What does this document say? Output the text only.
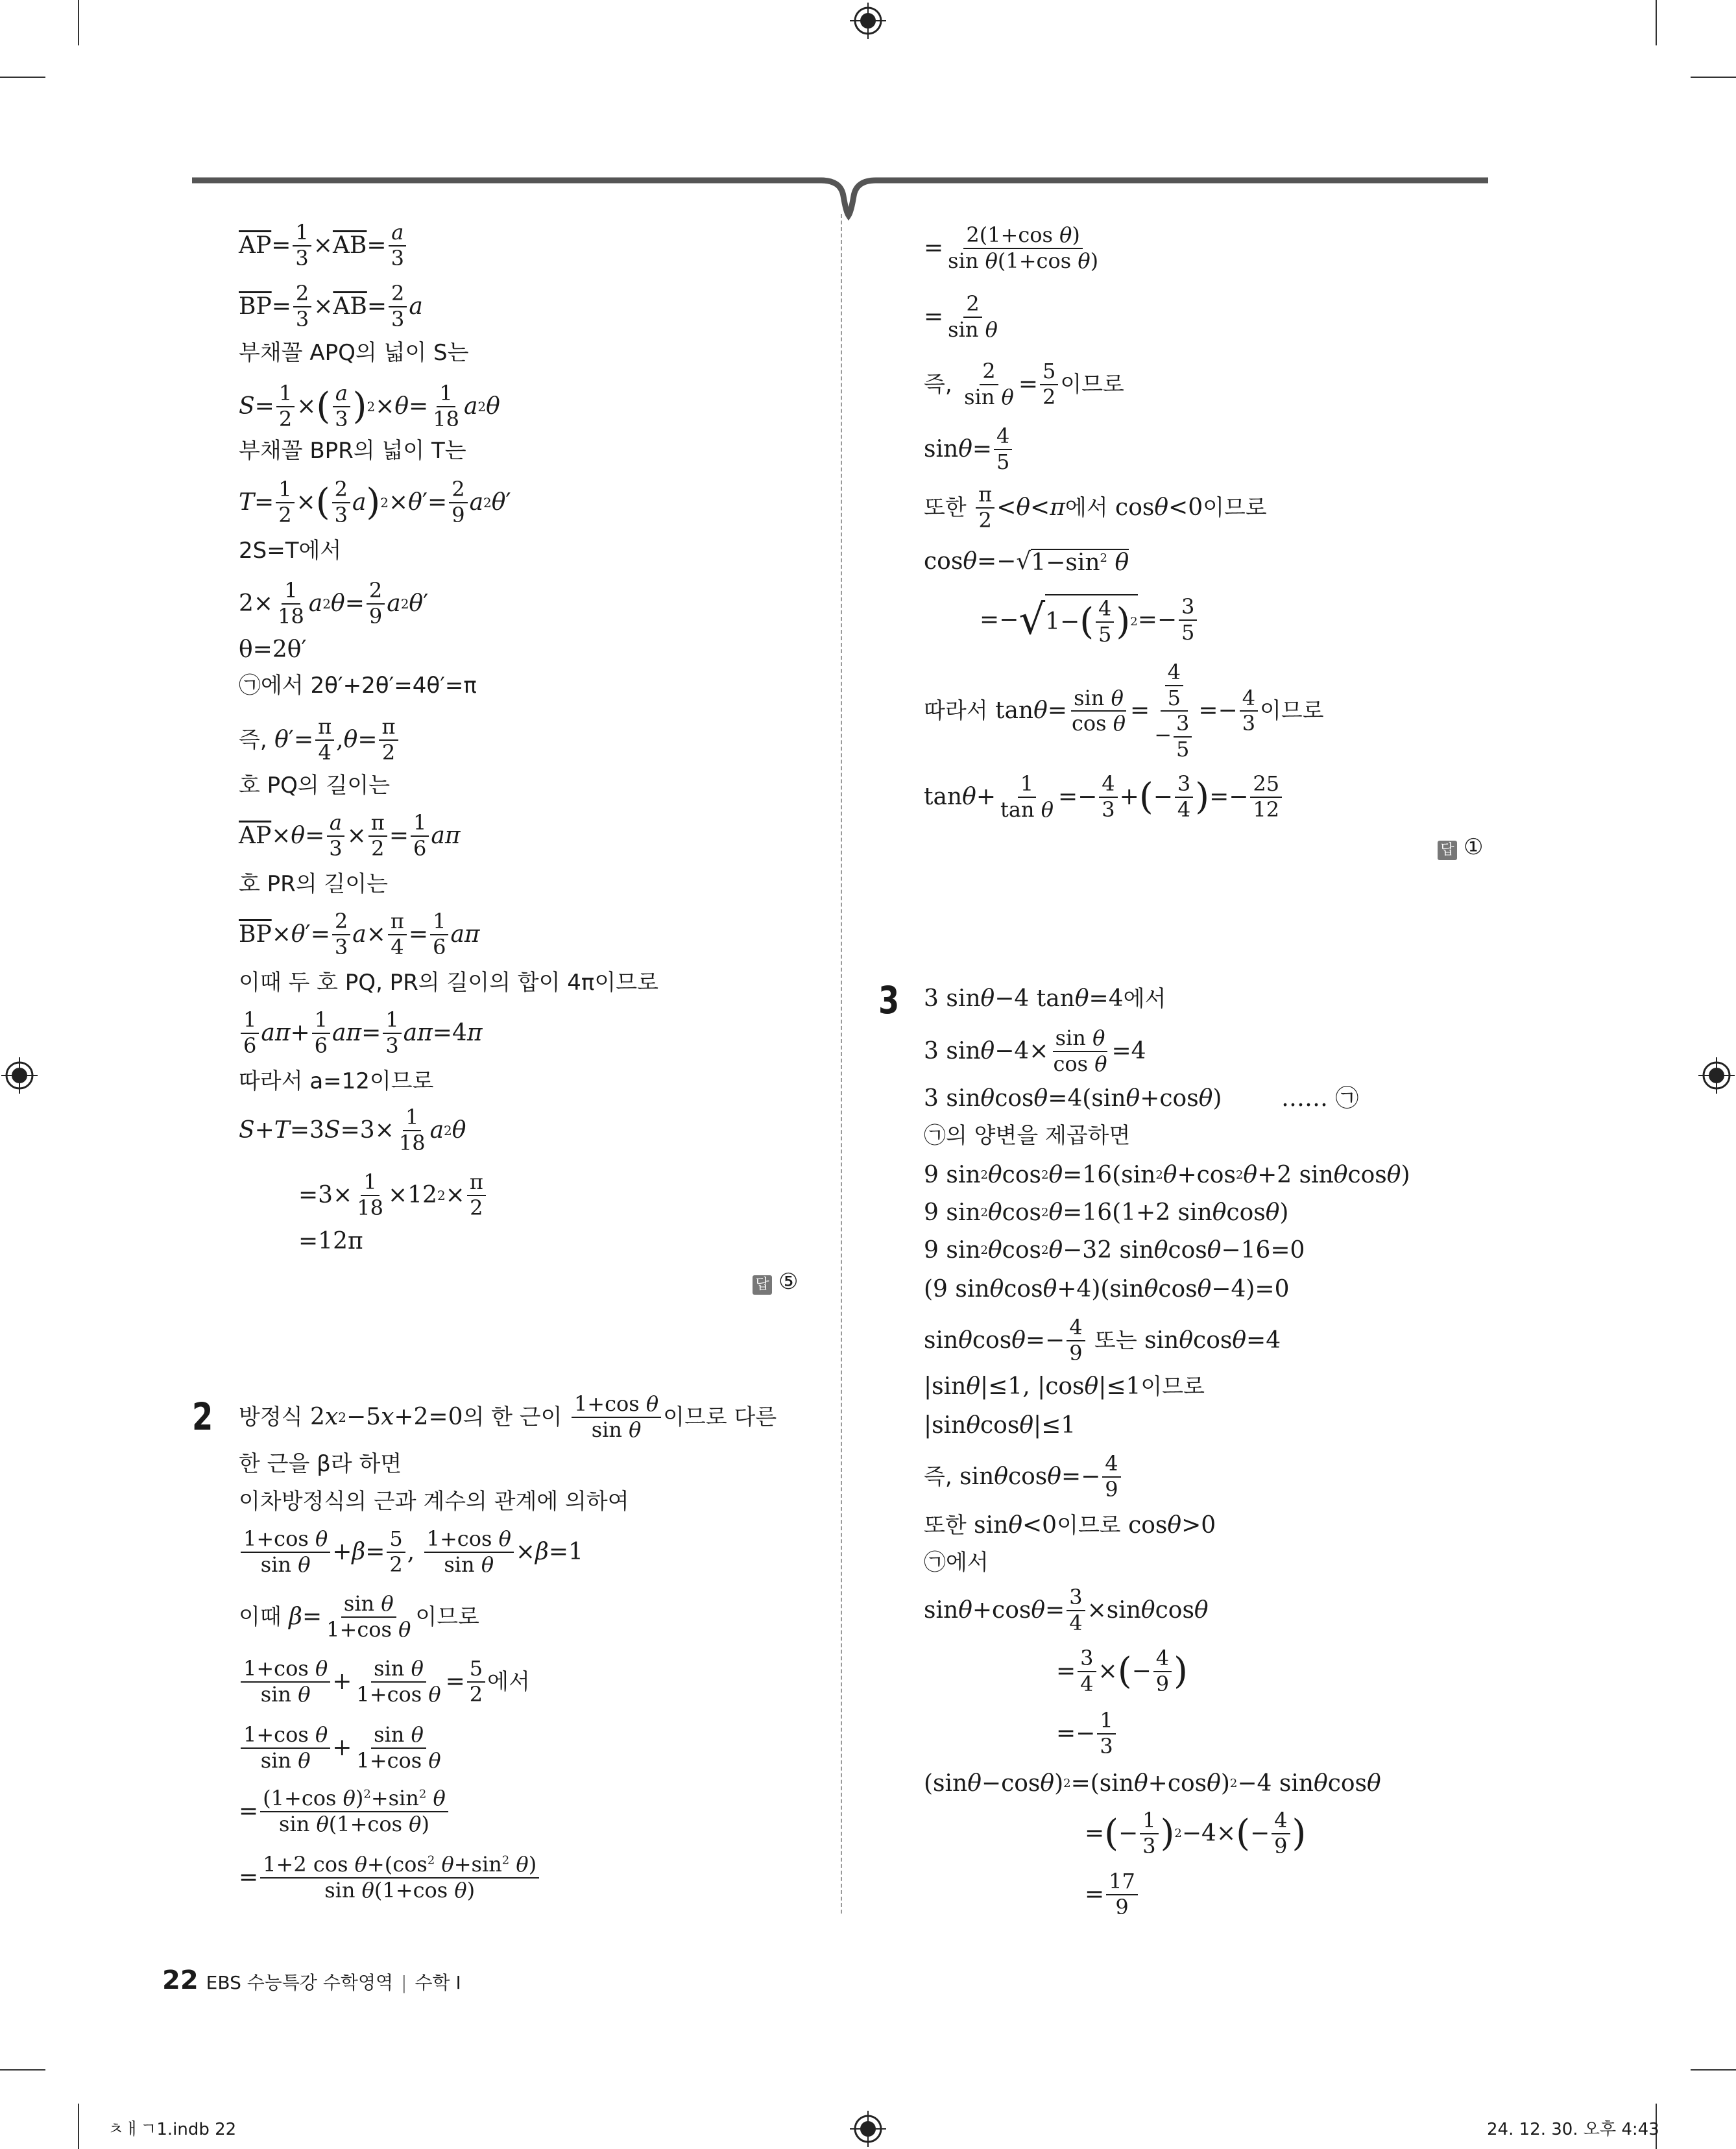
$\overline{AP} = \frac{1}{3} \times \overline{AB} = \frac{a}{3}$
$\overline{BP} = \frac{2}{3} \times \overline{AB} = \frac{2}{3}$ a
부채꼴 APQ의 넓이 S는
$S = \frac{1}{2}$ × ( $\frac{a}{3}$ ) $2 \times \theta = \frac{1}{18}$ a 2 θ
부채꼴 BPR의 넓이 T는
$T = \frac{1}{2}$ × ( $\frac{2}{3}$ a ) 2 × θ ′= $\frac{2}{9}$ a 2 θ ′
2S=T에서
$2\times \frac{1}{18}$ a 2 $\theta = \frac{2}{9}$ a 2 θ ′
θ=2θ′
㉠에서 2θ′+2θ′=4θ′=π
즉,
θ ′= $\frac{\pi}{4}$ , $\theta = \frac{\pi}{2}$
호 PQ의 길이는
$\overline{AP} \times \theta = \frac{a}{3} \times \frac{\pi}{2} = \frac{1}{6}$ aπ
호 PR의 길이는
$\overline{BP} \times \theta$ ′= $\frac{2}{3}$ $a \times \frac{\pi}{4} = \frac{1}{6}$ aπ
이때 두 호 PQ, PR의 길이의 합이 4π이므로
$\frac{1}{6}$ $a\pi + \frac{1}{6}$ $a\pi = \frac{1}{3}$ aπ =4 π
따라서 a=12이므로
S + T =3 $S =3\times \frac{1}{18}$ a 2 θ
$=3\times \frac{1}{18} \times 12$ $2 \times \frac{\pi}{2}$
=12π
답 ⑤
2 방정식 2 x 2 −5 x +2=0 의 한 근이
$\frac{\text{1+cos θ}}{\text{sin θ}}$ 이므로 다른
한 근을 β라 하면
이차방정식의 근과 계수의 관계에 의하여
$\frac{\text{1+cos θ}}{\text{sin θ}} + \beta = \frac{5}{2}$ , $\frac{\text{1+cos θ}}{\text{sin θ}} \times \beta =1$
이때
$\beta = \frac{\text{sin θ}}{\text{1+cos θ}}$ 이므로
$\frac{\text{1+cos θ}}{\text{sin θ}} + \frac{\text{sin θ}}{\text{1+cos θ}} = \frac{5}{2}$ 에서
$\frac{\text{1+cos θ}}{\text{sin θ}} + \frac{\text{sin θ}}{\text{1+cos θ}}$
= $\frac{(1+\cos \theta)^2+\sin^2 \theta}{\text{sin θ(1+cos θ)}}$
= $\frac{1+2 \cos \theta+(\cos^2 \theta+\sin^2 \theta)}{\text{sin θ(1+cos θ)}}$
= $\frac{\text{2(1+cos θ)}}{\text{sin θ(1+cos θ)}}$
= $\frac{2}{\text{sin θ}}$
즉,
$\frac{2}{\text{sin θ}} = \frac{5}{2}$ 이므로
$\sin \theta = \frac{4}{5}$
또한
$\frac{\pi}{2} < \theta < \pi$ 에서 cos θ <0 이므로
cos θ =−√ $1-\sin^2$ θ
=− √ 1− ( $\frac{4}{5}$ ) $2 =- \frac{3}{5}$
따라서 $\tan \theta = \frac{\text{sin θ}}{\text{cos θ}} = \frac{\frac{4}{5}}{- \frac{3}{5}} =- \frac{4}{3}$ 이므로
$\tan \theta + \frac{1}{\text{tan θ}} =- \frac{4}{3}$ + ( − $\frac{3}{4}$ ) =− $\frac{25}{12}$
답 ①
3 3 sin θ −4 tan θ =4 에서
3 $\sin \theta -4\times \frac{\text{sin θ}}{\text{cos θ}} =4$
3 sin θ cos θ =4(sin θ +cos θ )        …… ㉠
㉠의 양변을 제곱하면
9 sin 2 θ cos 2 θ =16(sin 2 θ +cos 2 θ +2 sin θ cos θ )
9 sin 2 θ cos 2 θ =16(1+2 sin θ cos θ )
9 sin 2 θ cos 2 θ −32 sin θ cos θ −16=0
(9 sin θ cos θ +4)(sin θ cos θ −4)=0
sin θ $\cos \theta =- \frac{4}{9}$
또는 sin θ cos θ =4
|sin θ |≤1, |cos θ |≤1 이므로
|sin θ cos θ |≤1
즉, sin θ $\cos \theta =- \frac{4}{9}$
또한 sin θ <0 이므로 cos θ >0
㉠에서
sin θ +cos $\theta = \frac{3}{4} \times\sin$ θ cos θ
= $\frac{3}{4}$ × ( − $\frac{4}{9}$ )
=− $\frac{1}{3}$
(sin θ −cos θ ) 2 =(sin θ +cos θ ) 2 −4 sin θ cos θ
= ( − $\frac{1}{3}$ ) 2 −4× ( − $\frac{4}{9}$ )
= $\frac{17}{9}$
22 EBS 수능특강 수학영역 | 수학 I
ㅊㅐㄱ1.indb 22	24. 12. 30. 오후 4:43
